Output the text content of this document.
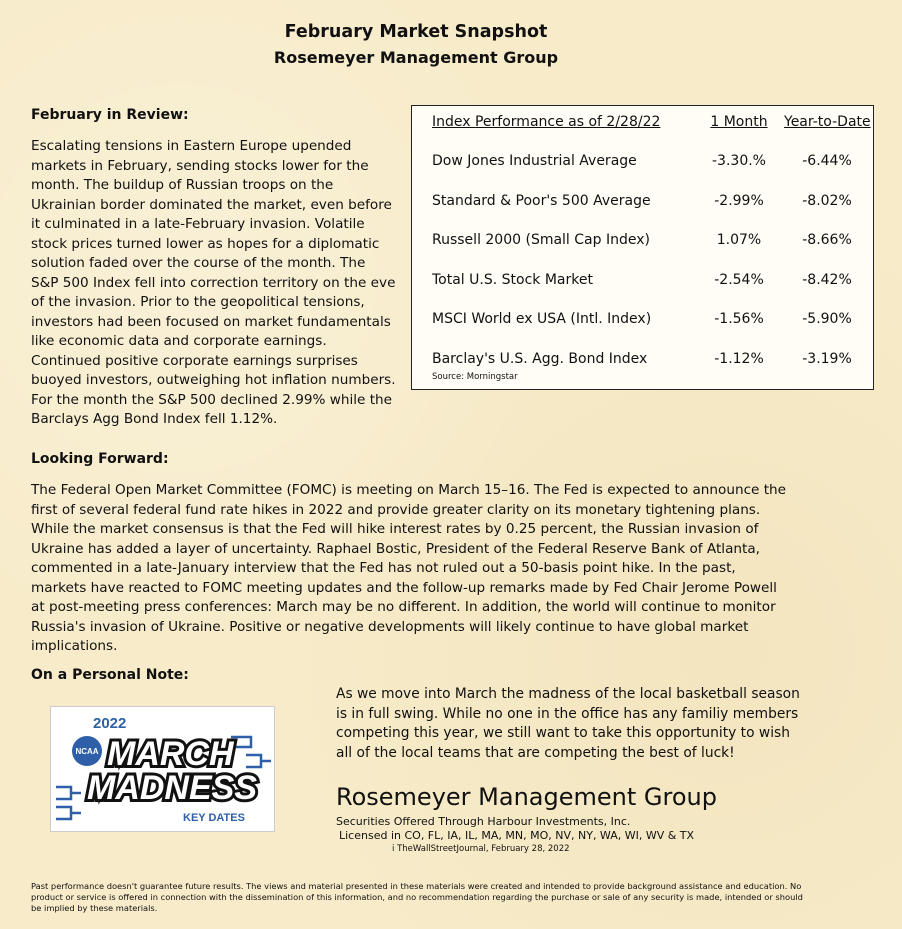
February Market Snapshot
Rosemeyer Management Group
February in Review:
Escalating tensions in Eastern Europe upended markets in February, sending stocks lower for the month. The buildup of Russian troops on the Ukrainian border dominated the market, even before it culminated in a late-February invasion. Volatile stock prices turned lower as hopes for a diplomatic solution faded over the course of the month. The S&P 500 Index fell into correction territory on the eve of the invasion. Prior to the geopolitical tensions, investors had been focused on market fundamentals like economic data and corporate earnings. Continued positive corporate earnings surprises buoyed investors, outweighing hot inflation numbers. For the month the S&P 500 declined 2.99% while the Barclays Agg Bond Index fell 1.12%.
Index Performance as of 2/28/22	1 Month	Year-to-Date
Dow Jones Industrial Average	-3.30.%	-6.44%
Standard & Poor's 500 Average	-2.99%	-8.02%
Russell 2000 (Small Cap Index)	1.07%	-8.66%
Total U.S. Stock Market	-2.54%	-8.42%
MSCI World ex USA (Intl. Index)	-1.56%	-5.90%
Barclay's U.S. Agg. Bond Index	-1.12%	-3.19%
Source: Morningstar
Looking Forward:
The Federal Open Market Committee (FOMC) is meeting on March 15–16. The Fed is expected to announce the first of several federal fund rate hikes in 2022 and provide greater clarity on its monetary tightening plans. While the market consensus is that the Fed will hike interest rates by 0.25 percent, the Russian invasion of Ukraine has added a layer of uncertainty. Raphael Bostic, President of the Federal Reserve Bank of Atlanta, commented in a late-January interview that the Fed has not ruled out a 50-basis point hike. In the past, markets have reacted to FOMC meeting updates and the follow-up remarks made by Fed Chair Jerome Powell at post-meeting press conferences: March may be no different. In addition, the world will continue to monitor Russia's invasion of Ukraine. Positive or negative developments will likely continue to have global market implications.
On a Personal Note:
2022
NCAA MARCH
MADNESS
KEY DATES
As we move into March the madness of the local basketball season is in full swing. While no one in the office has any familiy members competing this year, we still want to take this opportunity to wish all of the local teams that are competing the best of luck!
Rosemeyer Management Group
Securities Offered Through Harbour Investments, Inc.
Licensed in CO, FL, IA, IL, MA, MN, MO, NV, NY, WA, WI, WV & TX
i TheWallStreetJournal, February 28, 2022
Past performance doesn't guarantee future results. The views and material presented in these materials were created and intended to provide background assistance and education. No product or service is offered in connection with the dissemination of this information, and no recommendation regarding the purchase or sale of any security is made, intended or should be implied by these materials.
